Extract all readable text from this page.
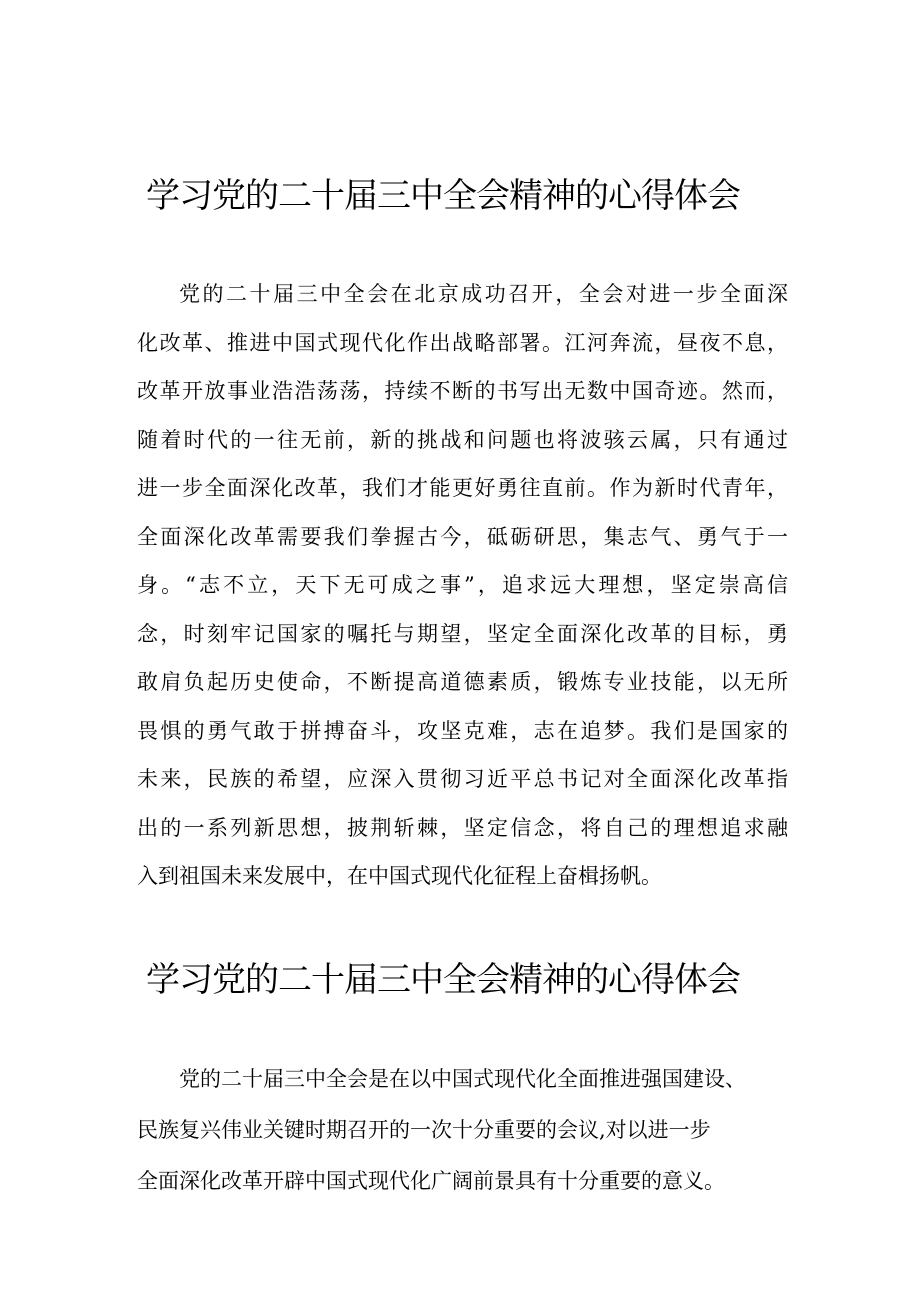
学习党的二十届三中全会精神的心得体会
党的二十届三中全会在北京成功召开，全会对进一步全面深
化改革、推进中国式现代化作出战略部署。江河奔流，昼夜不息，
改革开放事业浩浩荡荡，持续不断的书写出无数中国奇迹。然而，
随着时代的一往无前，新的挑战和问题也将波骇云属，只有通过
进一步全面深化改革，我们才能更好勇往直前。作为新时代青年，
全面深化改革需要我们拳握古今，砥砺研思，集志气、勇气于一
身。“志不立，天下无可成之事”，追求远大理想，坚定崇高信
念，时刻牢记国家的嘱托与期望，坚定全面深化改革的目标，勇
敢肩负起历史使命，不断提高道德素质，锻炼专业技能，以无所
畏惧的勇气敢于拼搏奋斗，攻坚克难，志在追梦。我们是国家的
未来，民族的希望，应深入贯彻习近平总书记对全面深化改革指
出的一系列新思想，披荆斩棘，坚定信念，将自己的理想追求融
入到祖国未来发展中，在中国式现代化征程上奋楫扬帆。
学习党的二十届三中全会精神的心得体会
党的二十届三中全会是在以中国式现代化全面推进强国建设、
民族复兴伟业关键时期召开的一次十分重要的会议,对以进一步
全面深化改革开辟中国式现代化广阔前景具有十分重要的意义。
